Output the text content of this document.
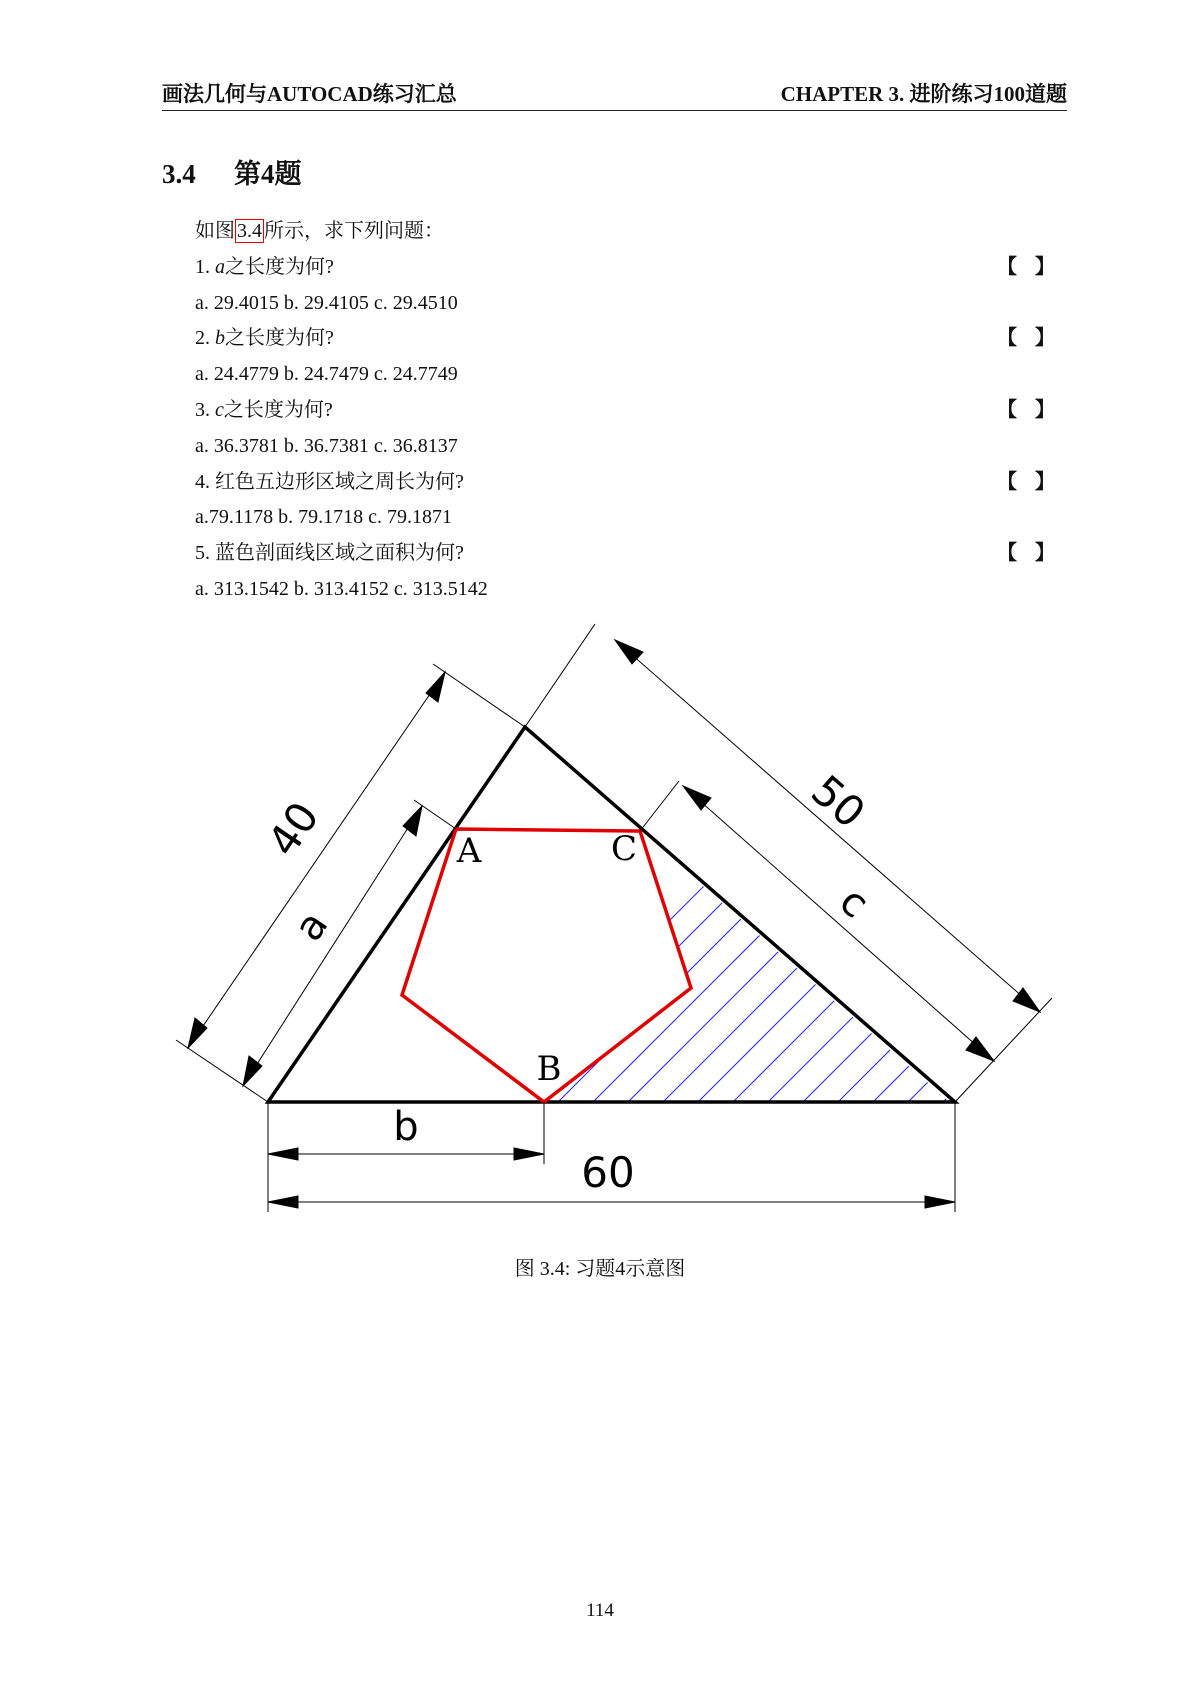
画法几何与AUTOCAD练习汇总	CHAPTER 3. 进阶练习100道题
3.4 第4题
如图 3.4 所示，求下列问题：
1. a之长度为何?	【 】
a. 29.4015 b. 29.4105 c. 29.4510
2. b之长度为何?	【 】
a. 24.4779 b. 24.7479 c. 24.7749
3. c之长度为何?	【 】
a. 36.3781 b. 36.7381 c. 36.8137
4. 红色五边形区域之周长为何?	【 】
a.79.1178 b. 79.1718 c. 79.1871
5. 蓝色剖面线区域之面积为何?	【 】
a. 313.1542 b. 313.4152 c. 313.5142
40
a
50
c
b
60
A
B
C
图 3.4: 习题4示意图
114
